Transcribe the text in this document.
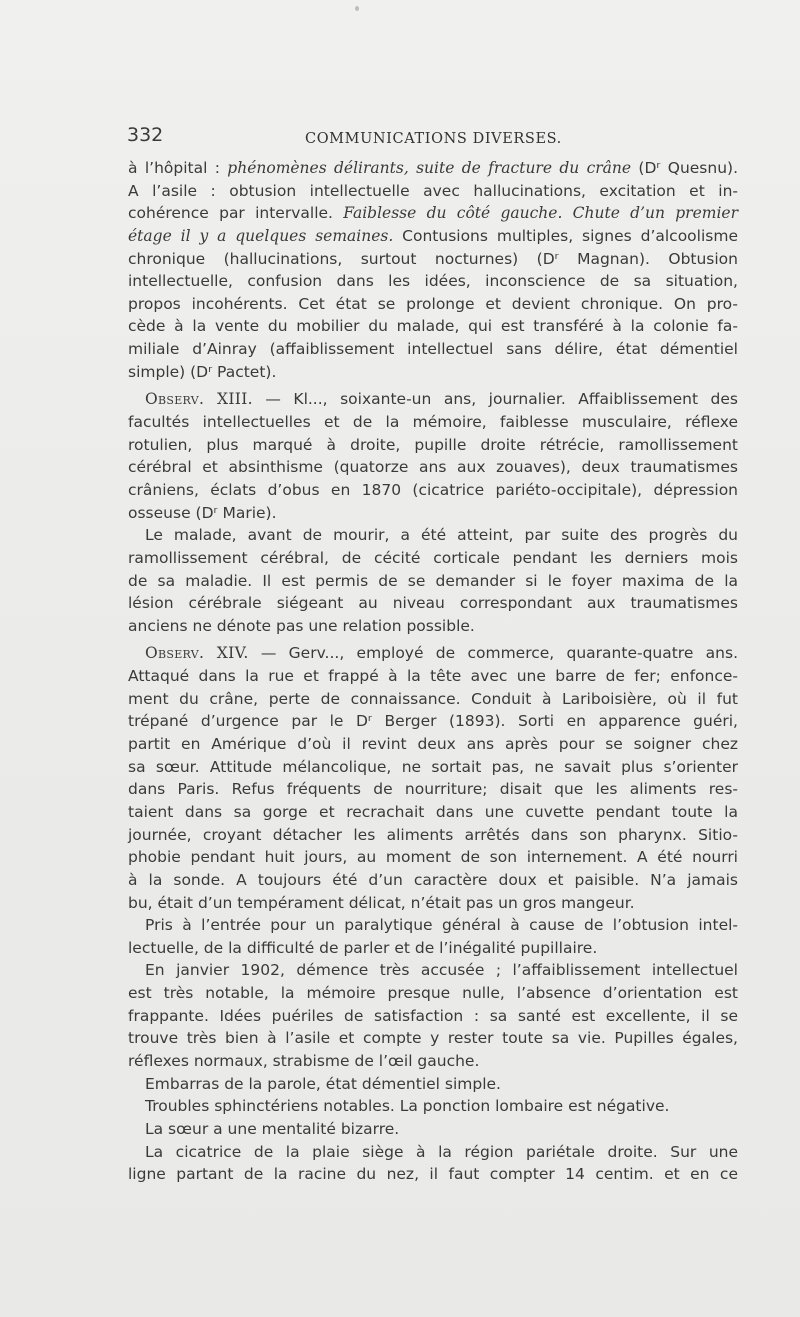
332	COMMUNICATIONS DIVERSES.
à l’hôpital : phénomènes délirants, suite de fracture du crâne (Dʳ Quesnu).
A l’asile : obtusion intellectuelle avec hallucinations, excitation et in-
cohérence par intervalle. Faiblesse du côté gauche. Chute d’un premier
étage il y a quelques semaines. Contusions multiples, signes d’alcoolisme
chronique (hallucinations, surtout nocturnes) (Dʳ Magnan). Obtusion
intellectuelle, confusion dans les idées, inconscience de sa situation,
propos incohérents. Cet état se prolonge et devient chronique. On pro-
cède à la vente du mobilier du malade, qui est transféré à la colonie fa-
miliale d’Ainray (affaiblissement intellectuel sans délire, état démentiel
simple) (Dʳ Pactet).
Observ. XIII. — Kl..., soixante-un ans, journalier. Affaiblissement des
facultés intellectuelles et de la mémoire, faiblesse musculaire, réflexe
rotulien, plus marqué à droite, pupille droite rétrécie, ramollissement
cérébral et absinthisme (quatorze ans aux zouaves), deux traumatismes
crâniens, éclats d’obus en 1870 (cicatrice pariéto-occipitale), dépression
osseuse (Dʳ Marie).
Le malade, avant de mourir, a été atteint, par suite des progrès du
ramollissement cérébral, de cécité corticale pendant les derniers mois
de sa maladie. Il est permis de se demander si le foyer maxima de la
lésion cérébrale siégeant au niveau correspondant aux traumatismes
anciens ne dénote pas une relation possible.
Observ. XIV. — Gerv..., employé de commerce, quarante-quatre ans.
Attaqué dans la rue et frappé à la tête avec une barre de fer; enfonce-
ment du crâne, perte de connaissance. Conduit à Lariboisière, où il fut
trépané d’urgence par le Dʳ Berger (1893). Sorti en apparence guéri,
partit en Amérique d’où il revint deux ans après pour se soigner chez
sa sœur. Attitude mélancolique, ne sortait pas, ne savait plus s’orienter
dans Paris. Refus fréquents de nourriture; disait que les aliments res-
taient dans sa gorge et recrachait dans une cuvette pendant toute la
journée, croyant détacher les aliments arrêtés dans son pharynx. Sitio-
phobie pendant huit jours, au moment de son internement. A été nourri
à la sonde. A toujours été d’un caractère doux et paisible. N’a jamais
bu, était d’un tempérament délicat, n’était pas un gros mangeur.
Pris à l’entrée pour un paralytique général à cause de l’obtusion intel-
lectuelle, de la difficulté de parler et de l’inégalité pupillaire.
En janvier 1902, démence très accusée ; l’affaiblissement intellectuel
est très notable, la mémoire presque nulle, l’absence d’orientation est
frappante. Idées puériles de satisfaction : sa santé est excellente, il se
trouve très bien à l’asile et compte y rester toute sa vie. Pupilles égales,
réflexes normaux, strabisme de l’œil gauche.
Embarras de la parole, état démentiel simple.
Troubles sphinctériens notables. La ponction lombaire est négative.
La sœur a une mentalité bizarre.
La cicatrice de la plaie siège à la région pariétale droite. Sur une
ligne partant de la racine du nez, il faut compter 14 centim. et en ce
